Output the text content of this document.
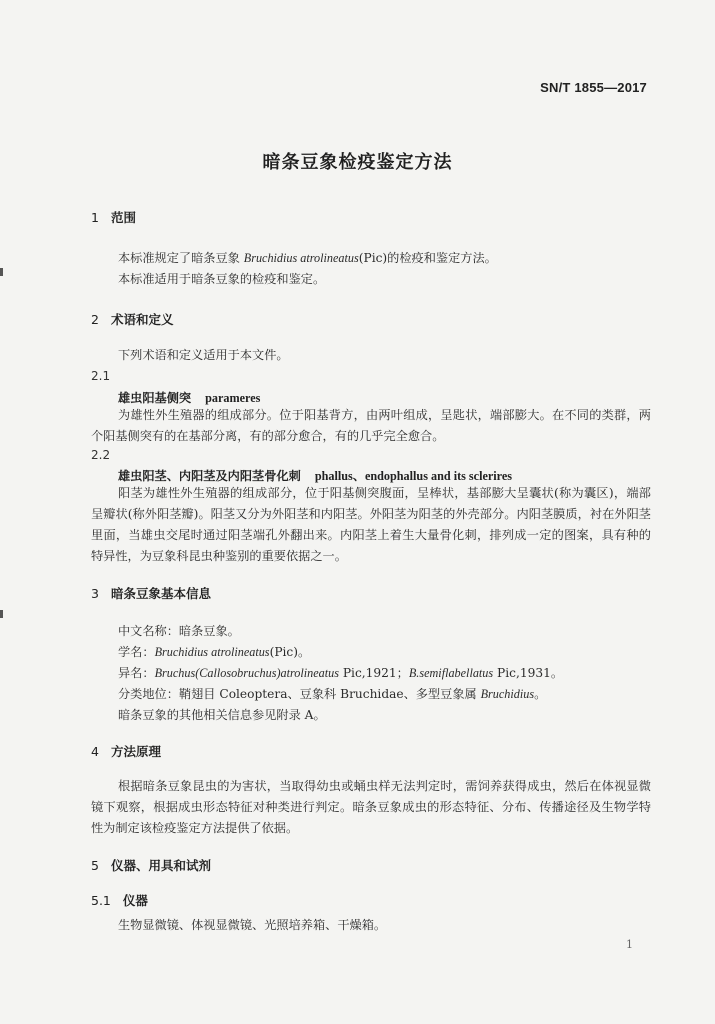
SN/T 1855—2017
暗条豆象检疫鉴定方法
1 范围
本标准规定了暗条豆象 Bruchidius atrolineatus(Pic)的检疫和鉴定方法。
本标准适用于暗条豆象的检疫和鉴定。
2 术语和定义
下列术语和定义适用于本文件。
2.1
雄虫阳基侧突 parameres
为雄性外生殖器的组成部分。位于阳基背方，由两叶组成，呈匙状，端部膨大。在不同的类群，两个阳基侧突有的在基部分离，有的部分愈合，有的几乎完全愈合。
2.2
雄虫阳茎、内阳茎及内阳茎骨化刺 phallus、endophallus and its sclerires
阳茎为雄性外生殖器的组成部分，位于阳基侧突腹面，呈棒状，基部膨大呈囊状(称为囊区)，端部呈瓣状(称外阳茎瓣)。阳茎又分为外阳茎和内阳茎。外阳茎为阳茎的外壳部分。内阳茎膜质，衬在外阳茎里面，当雄虫交尾时通过阳茎端孔外翻出来。内阳茎上着生大量骨化刺，排列成一定的图案，具有种的特异性，为豆象科昆虫种鉴别的重要依据之一。
3 暗条豆象基本信息
中文名称：暗条豆象。
学名：Bruchidius atrolineatus(Pic)。
异名：Bruchus(Callosobruchus)atrolineatus Pic,1921；B.semiflabellatus Pic,1931。
分类地位：鞘翅目 Coleoptera、豆象科 Bruchidae、多型豆象属 Bruchidius。
暗条豆象的其他相关信息参见附录 A。
4 方法原理
根据暗条豆象昆虫的为害状，当取得幼虫或蛹虫样无法判定时，需饲养获得成虫，然后在体视显微镜下观察，根据成虫形态特征对种类进行判定。暗条豆象成虫的形态特征、分布、传播途径及生物学特性为制定该检疫鉴定方法提供了依据。
5 仪器、用具和试剂
5.1 仪器
生物显微镜、体视显微镜、光照培养箱、干燥箱。
1
